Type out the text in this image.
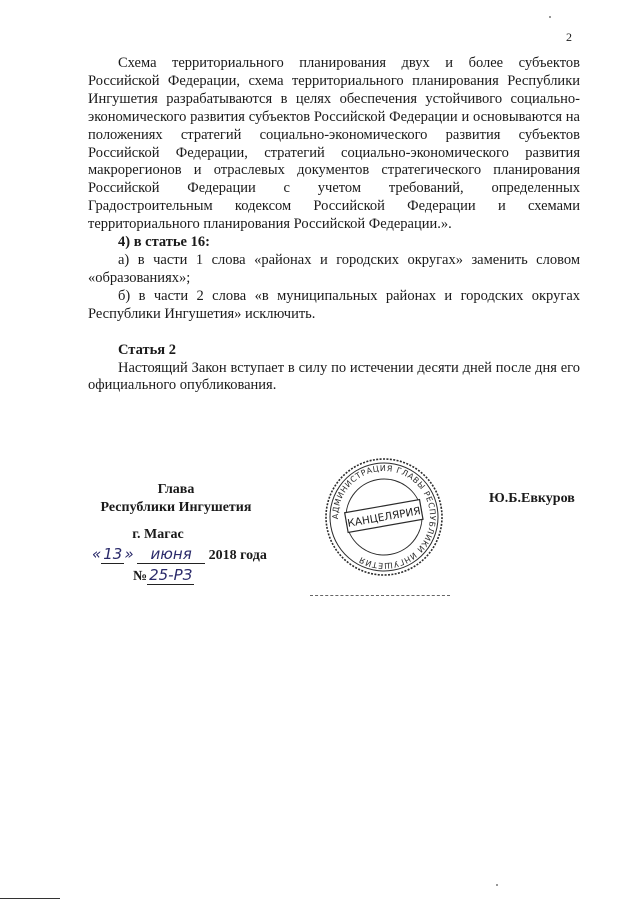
2

Схема территориального планирования двух и более субъектов Российской Федерации, схема территориального планирования Республики Ингушетия разрабатываются в целях обеспечения устойчивого социально-экономического развития субъектов Российской Федерации и основываются на положениях стратегий социально-экономического развития субъектов Российской Федерации, стратегий социально-экономического развития макрорегионов и отраслевых документов стратегического планирования Российской Федерации с учетом требований, определенных Градостроительным кодексом Российской Федерации и схемами территориального планирования Российской Федерации.».

4) в статье 16:

а) в части 1 слова «районах и городских округах» заменить словом «образованиях»;

б) в части 2 слова «в муниципальных районах и городских округах Республики Ингушетия» исключить.

Статья 2

Настоящий Закон вступает в силу по истечении десяти дней после дня его официального опубликования.

Глава
Республики Ингушетия
г. Магас
« 13 » июня 2018 года
№ 25-РЗ
Ю.Б.Евкуров
АДМИНИСТРАЦИЯ ГЛАВЫ РЕСПУБЛИКИ ИНГУШЕТИЯ
КАНЦЕЛЯРИЯ
